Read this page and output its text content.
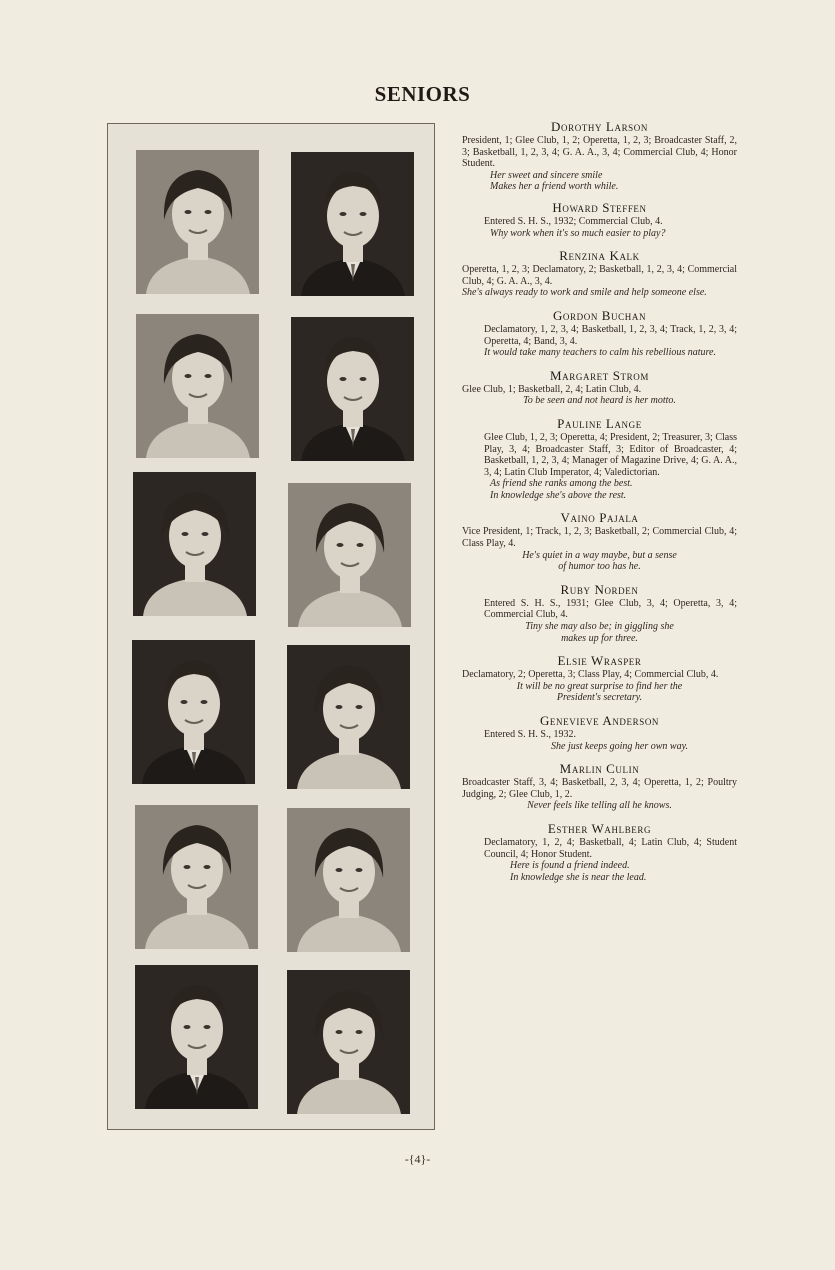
SENIORS
Dorothy Larson
President, 1; Glee Club, 1, 2; Operetta, 1, 2, 3; Broadcaster Staff, 2, 3; Basketball, 1, 2, 3, 4; G. A. A., 3, 4; Commercial Club, 4; Honor Student.
Her sweet and sincere smile
Makes her a friend worth while.
Howard Steffen
Entered S. H. S., 1932; Commercial Club, 4.
Why work when it's so much easier to play?
Renzina Kalk
Operetta, 1, 2, 3; Declamatory, 2; Basketball, 1, 2, 3, 4; Commercial Club, 4; G. A. A., 3, 4.
She's always ready to work and smile and help someone else.
Gordon Buchan
Declamatory, 1, 2, 3, 4; Basketball, 1, 2, 3, 4; Track, 1, 2, 3, 4; Operetta, 4; Band, 3, 4.
It would take many teachers to calm his rebellious nature.
Margaret Strom
Glee Club, 1; Basketball, 2, 4; Latin Club, 4.
To be seen and not heard is her motto.
Pauline Lange
Glee Club, 1, 2, 3; Operetta, 4; President, 2; Treasurer, 3; Class Play, 3, 4; Broadcaster Staff, 3; Editor of Broadcaster, 4; Basketball, 1, 2, 3, 4; Manager of Magazine Drive, 4; G. A. A., 3, 4; Latin Club Imperator, 4; Valedictorian.
As friend she ranks among the best.
In knowledge she's above the rest.
Vaino Pajala
Vice President, 1; Track, 1, 2, 3; Basketball, 2; Commercial Club, 4; Class Play, 4.
He's quiet in a way maybe, but a sense
of humor too has he.
Ruby Norden
Entered S. H. S., 1931; Glee Club, 3, 4; Operetta, 3, 4; Commercial Club, 4.
Tiny she may also be; in giggling she
makes up for three.
Elsie Wrasper
Declamatory, 2; Operetta, 3; Class Play, 4; Commercial Club, 4.
It will be no great surprise to find her the
President's secretary.
Genevieve Anderson
Entered S. H. S., 1932.
She just keeps going her own way.
Marlin Culin
Broadcaster Staff, 3, 4; Basketball, 2, 3, 4; Operetta, 1, 2; Poultry Judging, 2; Glee Club, 1, 2.
Never feels like telling all he knows.
Esther Wahlberg
Declamatory, 1, 2, 4; Basketball, 4; Latin Club, 4; Student Council, 4; Honor Student.
Here is found a friend indeed.
In knowledge she is near the lead.
-{4}-
